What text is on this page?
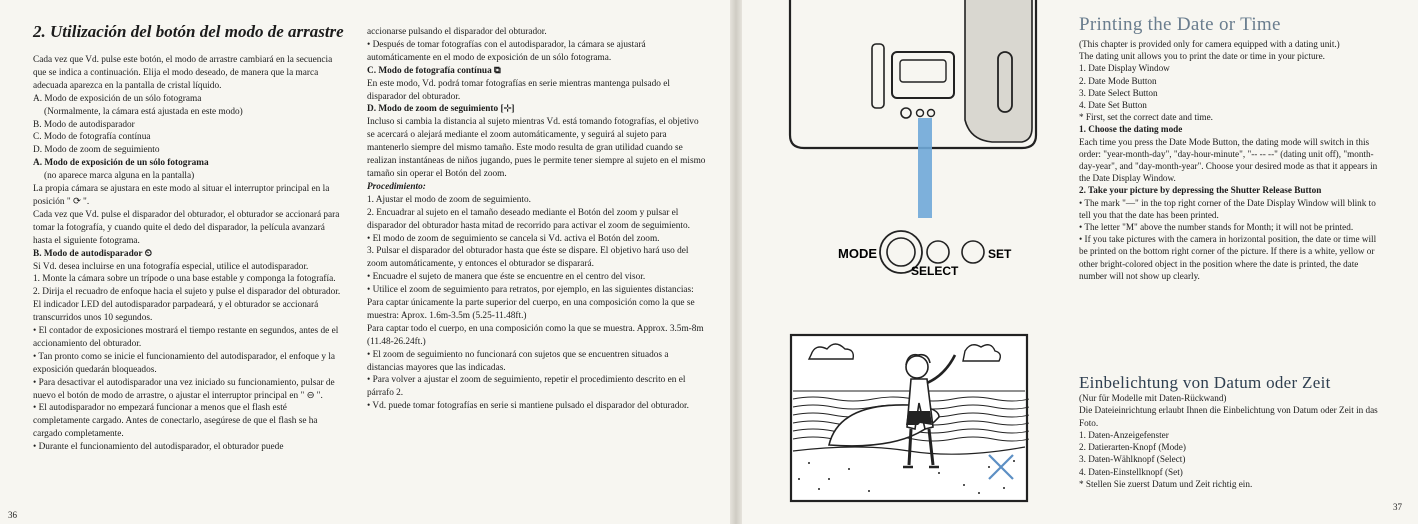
2. Utilización del botón del modo de arrastre

Cada vez que Vd. pulse este botón, el modo de arrastre cambiará en la secuencia que se indica a continuación. Elija el modo deseado, de manera que la marca adecuada aparezca en la pantalla de cristal líquido.

A. Modo de exposición de un sólo fotograma

(Normalmente, la cámara está ajustada en este modo)

B. Modo de autodisparador

C. Modo de fotografía contínua

D. Modo de zoom de seguimiento

A. Modo de exposición de un sólo fotograma

(no aparece marca alguna en la pantalla)

La propia cámara se ajustara en este modo al situar el interruptor principal en la posición " ⟳ ".

Cada vez que Vd. pulse el disparador del obturador, el obturador se accionará para tomar la fotografía, y cuando quite el dedo del disparador, la película avanzará hasta el siguiente fotograma.

B. Modo de autodisparador ⏲

Si Vd. desea incluirse en una fotografía especial, utilice el autodisparador.

1. Monte la cámara sobre un trípode o una base estable y componga la fotografía.

2. Dirija el recuadro de enfoque hacia el sujeto y pulse el disparador del obturador. El indicador LED del autodisparador parpadeará, y el obturador se accionará transcurridos unos 10 segundos.

• El contador de exposiciones mostrará el tiempo restante en segundos, antes de el accionamiento del obturador.

• Tan pronto como se inicie el funcionamiento del autodisparador, el enfoque y la exposición quedarán bloqueados.

• Para desactivar el autodisparador una vez iniciado su funcionamiento, pulsar de nuevo el botón de modo de arrastre, o ajustar el interruptor principal en " ⊖ ".

• El autodisparador no empezará funcionar a menos que el flash esté completamente cargado. Antes de conectarlo, asegúrese de que el flash se ha cargado completamente.

• Durante el funcionamiento del autodisparador, el obturador puede

accionarse pulsando el disparador del obturador.

• Después de tomar fotografías con el autodisparador, la cámara se ajustará automáticamente en el modo de exposición de un sólo fotograma.

C. Modo de fotografía contínua ⧉

En este modo, Vd. podrá tomar fotografías en serie mientras mantenga pulsado el disparador del obturador.

D. Modo de zoom de seguimiento [⊹]

Incluso si cambia la distancia al sujeto mientras Vd. está tomando fotografías, el objetivo se acercará o alejará mediante el zoom automáticamente, y seguirá al sujeto para mantenerlo siempre del mismo tamaño. Este modo resulta de gran utilidad cuando se realizan instantáneas de niños jugando, pues le permite tener siempre al sujeto en el mismo tamaño sin operar el Botón del zoom.

Procedimiento:

1. Ajustar el modo de zoom de seguimiento.

2. Encuadrar al sujeto en el tamaño deseado mediante el Botón del zoom y pulsar el disparador del obturador hasta mitad de recorrido para activar el zoom de seguimiento.

• El modo de zoom de seguimiento se cancela si Vd. activa el Botón del zoom.

3. Pulsar el disparador del obturador hasta que éste se dispare. El objetivo hará uso del zoom automáticamente, y entonces el obturador se disparará.

• Encuadre el sujeto de manera que éste se encuentre en el centro del visor.

• Utilice el zoom de seguimiento para retratos, por ejemplo, en las siguientes distancias:

Para captar únicamente la parte superior del cuerpo, en una composición como la que se muestra: Aprox. 1.6m-3.5m (5.25-11.48ft.)

Para captar todo el cuerpo, en una composición como la que se muestra. Approx. 3.5m-8m (11.48-26.24ft.)

• El zoom de seguimiento no funcionará con sujetos que se encuentren situados a distancias mayores que las indicadas.

• Para volver a ajustar el zoom de seguimiento, repetir el procedimiento descrito en el párrafo 2.

• Vd. puede tomar fotografías en serie si mantiene pulsado el disparador del obturador.

36
MODE
SELECT
SET
Printing the Date or Time

(This chapter is provided only for camera equipped with a dating unit.)

The dating unit allows you to print the date or time in your picture.

1. Date Display Window

2. Date Mode Button

3. Date Select Button

4. Date Set Button

* First, set the correct date and time.

1. Choose the dating mode

Each time you press the Date Mode Button, the dating mode will switch in this order: "year-month-day", "day-hour-minute", "-- -- --" (dating unit off), "month-day-year", and "day-month-year". Choose your desired mode as that it appears in the Date Display Window.

2. Take your picture by depressing the Shutter Release Button

• The mark "—" in the top right corner of the Date Display Window will blink to tell you that the date has been printed.

• The letter "M" above the number stands for Month; it will not be printed.

• If you take pictures with the camera in horizontal position, the date or time will be printed on the bottom right corner of the picture. If there is a white, yellow or other bright-colored object in the position where the date is printed, the date number will not show up clearly.

Einbelichtung von Datum oder Zeit

(Nur für Modelle mit Daten-Rückwand)

Die Dateieinrichtung erlaubt Ihnen die Einbelichtung von Datum oder Zeit in das Foto.

1. Daten-Anzeigefenster

2. Datierarten-Knopf (Mode)

3. Daten-Wählknopf (Select)

4. Daten-Einstellknopf (Set)

* Stellen Sie zuerst Datum und Zeit richtig ein.

37
